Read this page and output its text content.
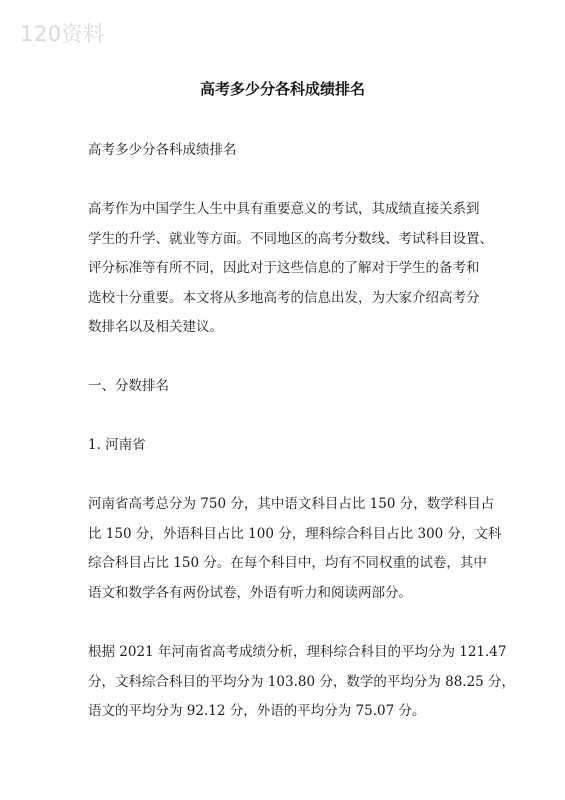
120资料
高考多少分各科成绩排名

高考多少分各科成绩排名

高考作为中国学生人生中具有重要意义的考试，其成绩直接关系到
学生的升学、就业等方面。不同地区的高考分数线、考试科目设置、
评分标准等有所不同，因此对于这些信息的了解对于学生的备考和
选校十分重要。本文将从多地高考的信息出发，为大家介绍高考分
数排名以及相关建议。

一、分数排名

1. 河南省

河南省高考总分为 750 分，其中语文科目占比 150 分，数学科目占
比 150 分，外语科目占比 100 分，理科综合科目占比 300 分，文科
综合科目占比 150 分。在每个科目中，均有不同权重的试卷，其中
语文和数学各有两份试卷，外语有听力和阅读两部分。

根据 2021 年河南省高考成绩分析，理科综合科目的平均分为 121.47
分，文科综合科目的平均分为 103.80 分，数学的平均分为 88.25 分，
语文的平均分为 92.12 分，外语的平均分为 75.07 分。
